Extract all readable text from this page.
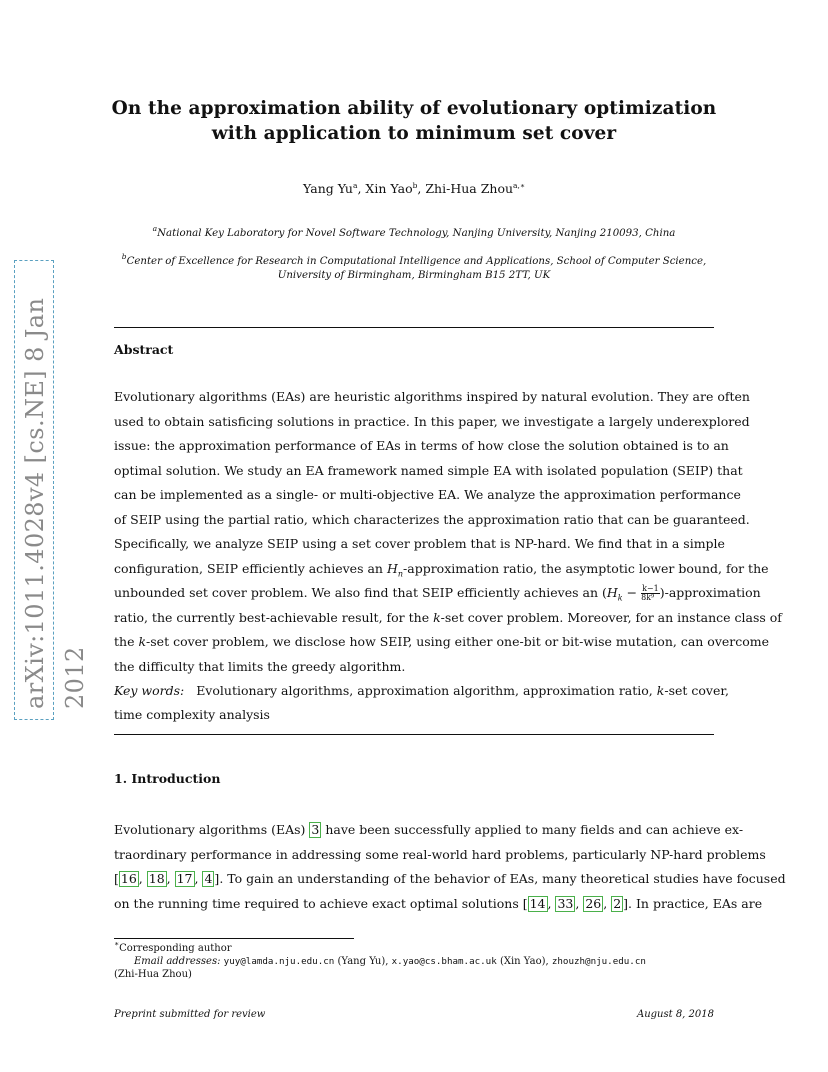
arXiv:1011.4028v4 [cs.NE] 8 Jan 2012
On the approximation ability of evolutionary optimization
with application to minimum set cover
Yang Yu$^a$, Xin Yao$^b$, Zhi-Hua Zhou$^{a,∗}$
$^a$National Key Laboratory for Novel Software Technology, Nanjing University, Nanjing 210093, China
$^b$Center of Excellence for Research in Computational Intelligence and Applications, School of Computer Science,
University of Birmingham, Birmingham B15 2TT, UK
Abstract
Evolutionary algorithms (EAs) are heuristic algorithms inspired by natural evolution. They are often
used to obtain satisficing solutions in practice. In this paper, we investigate a largely underexplored
issue: the approximation performance of EAs in terms of how close the solution obtained is to an
optimal solution. We study an EA framework named simple EA with isolated population (SEIP) that
can be implemented as a single- or multi-objective EA. We analyze the approximation performance
of SEIP using the partial ratio, which characterizes the approximation ratio that can be guaranteed.
Specifically, we analyze SEIP using a set cover problem that is NP-hard. We find that in a simple
configuration, SEIP efficiently achieves an $H_n$-approximation ratio, the asymptotic lower bound, for the
unbounded set cover problem. We also find that SEIP efficiently achieves an ($H_k - \frac{k-1}{\text{8k⁹}}$ )-approximation
ratio, the currently best-achievable result, for the k-set cover problem. Moreover, for an instance class of
the k-set cover problem, we disclose how SEIP, using either one-bit or bit-wise mutation, can overcome
the difficulty that limits the greedy algorithm.
Key words: Evolutionary algorithms, approximation algorithm, approximation ratio, k-set cover,
time complexity analysis
1. Introduction
Evolutionary algorithms (EAs) 3 have been successfully applied to many fields and can achieve ex-
traordinary performance in addressing some real-world hard problems, particularly NP-hard problems
[ 16 , 18 , 17 , 4 ]. To gain an understanding of the behavior of EAs, many theoretical studies have focused
on the running time required to achieve exact optimal solutions [ 14 , 33 , 26 , 2 ]. In practice, EAs are
∗Corresponding author
Email addresses: yuy@lamda.nju.edu.cn (Yang Yu), x.yao@cs.bham.ac.uk (Xin Yao), zhouzh@nju.edu.cn
(Zhi-Hua Zhou)
Preprint submitted for review	August 8, 2018
